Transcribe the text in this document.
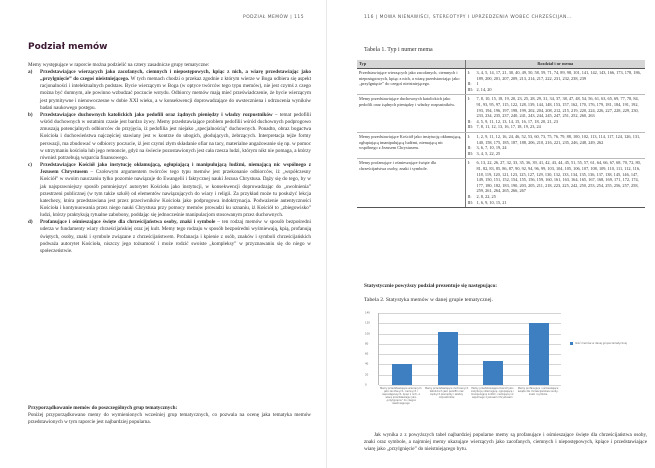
PODZIAŁ MEMÓW | 115
Podział memów
Memy występujące w raporcie można podzielić na cztery zasadnicze grupy tematyczne:
a) Przedstawiające wierzących jako zacofanych, ciemnych i niepostępowych, kpiąc z nich, a wiarę przedstawiając jako „przylgnięcie” do czegoś nieistniejącego. W tych memach chodzi o przekaz zgodnie z którym wierze w Boga odbiera się aspekt racjonalności i intelektualnych podstaw. Bycie wierzącym w Boga (w optyce twórców tego typu memów), nie jest czymś z czego można być dumnym, ale powinno wzbudzać poczucie wstydu. Odbiorcy memów mają mieć przeświadczenie, że bycie wierzącym jest prymitywne i nienowoczesne w dobie XXI wieku, a w konsekwencji doprowadzające do uwsteczniena i odrzucenia wyników badań naukowego postępu.
b) Przedstawiające duchownych katolickich jako pedofili oraz żądnych pieniędzy i władzy rozpustników – temat pedofilii wśród duchownych w ostatnim czasie jest bardzo żywy. Memy przedstawiające problem pedofilii wśród duchownych podprogowo zmuszają potencjalnych odbiorców do przyjęcia, iż pedofilia jest niejako „specjalnością” duchownych. Ponadto, obraz bogactwa Kościoła i duchowieństwa najczęściej stawiany jest w kontrze do ubogich, głodujących, żebrzących. Interpretacja tejże formy perswazji, ma zbudować w odbiorcy poczucie, iż jest czymś złym składanie ofiar na tacy, materialne angażowanie się np. w pomoc w utrzymaniu kościoła lub jego remoncie, gdyż na świecie pozostawionych jest cała rzesza ludzi, którym nikt nie pomaga, a którzy również potrzebują wsparcia finansowego.
c) Przedstawiające Kościół jako instytucję okłamującą, ogłupiającą i manipulującą ludźmi, niemającą nic wspólnego z Jezusem Chrystusem – Czołowym argumentem twórców tego typu memów jest przekonanie odbiorców, iż „współczesny Kościół” w swoim nauczaniu tylko pozornie nawiązuje do Ewangelii i faktycznej nauki Jezusa Chrystusa. Dąży się do tego, by w jak najsprawniejszy sposób pomniejszyć autorytet Kościoła jako instytucji, w konsekwencji doprowadzając do „uwolnienia” przestrzeni publicznej (w tym także szkół) od elementów nawiązujących do wiary i religii. Za przykład może tu posłużyć lekcja katechezy, która przedstawiana jest przez przeciwników Kościoła jako podprogowa indoktrynacja. Podważenie autentyczności Kościoła i kontynuowania przez niego nauki Chrystusa przy pomocy memów prowadzi ku uznaniu, iż Kościół to „zbiegowisko” ludzi, którzy praktykują rytualne zabobony, poddając się jednocześnie manipulacjom stosowanym przez duchownych.
d) Profanujące i ośmieszające święte dla chrześcijaństwa osoby, znaki i symbole – ten rodzaj memów w sposób bezpośredni uderza w fundamenty wiary chrześcijańskiej oraz jej kult. Memy tego rodzaju w sposób bezpośredni wyśmiewają, kpią, profanują świętych, osoby, znaki i symbole związane z chrześcijaństwem. Profanacja i kpienie z osób, znaków i symboli chrześcijańskich podważa autorytet Kościoła, niszczy jego tożsamość i może rodzić swoiste „kompleksy” w przyznawaniu się do niego w społeczeństwie.
Przyporządkowanie memów do poszczególnych grup tematycznych:
Poniżej przyporządkowano memy do wymienionych wcześniej grup tematycznych, co pozwala na ocenę jaka tematyka memów przedstawionych w tym raporcie jest najbardziej popularna.
116 | MOWA NIENAWIŚCI, STEREOTYPY I UPRZEDZENIA WOBEC CHRZEŚCIJAN…
Tabela 1. Typ i numer mema
Typ	Rozdział i nr mema
Przedstawiające wierzących jako zacofanych, ciemnych i niepostępowych, kpiąc z nich, a wiarę przedstawiając jako „przylgnięcie” do czegoś nieistniejącego.	
I:	3, 4, 5, 14, 17, 21, 30, 40, 49, 50, 58, 59, 71, 74, 89, 98, 101, 141, 142, 143, 166, 173, 178, 186, 189, 200, 201, 207, 209, 213, 214, 217, 222, 231, 232, 238, 239
II:	1
III: 2, 14, 20

Memy przedstawiające duchownych katolickich jako pedofili oraz żądnych pieniędzy i władzy rozpustników.	
I:	7, 8, 10, 15, 18, 19, 20, 23, 25, 28, 29, 31, 34, 37, 38, 47, 48, 54, 56, 61, 63, 65, 69, 77, 78, 84, 91, 93, 95, 97, 115, 122, 128, 139, 144, 148, 153, 157, 162, 170, 176, 179, 181, 184, 191, 192, 193, 194, 196, 197, 198, 199, 202, 204, 208, 212, 215, 219, 220, 224, 226, 227, 228, 229, 230, 233, 234, 235, 237, 240, 241, 243, 244, 245, 247, 251, 252, 260, 263
II:	4, 5, 9, 11, 12, 13, 14, 15, 16, 17, 18, 20, 21, 23
III: 7, 8, 11, 12, 13, 16, 17, 18, 19, 23, 24

Memy przedstawiające Kościół jako instytucję okłamującą, ogłupiającą imanipulującą ludźmi, niemającą nic wspólnego z Jezusem Chrystusem.	
I:	1, 2, 9, 11, 12, 16, 24, 46, 52, 53, 60, 73, 75, 76, 79, 88, 100, 102, 113, 114, 117, 124, 126, 131, 140, 158, 175, 185, 187, 188, 206, 210, 216, 221, 235, 246, 248, 249, 262
II:	3, 6, 7, 10, 19, 24
III: 3, 4, 5, 22, 25

Memy profanujące i ośmieszające święte dla chrześcijaństwa osoby, znaki i symbole.	
I:	6, 13, 22, 26, 27, 32, 33, 35, 36, 39, 41, 42, 43, 44, 45, 51, 55, 57, 61, 64, 66, 67, 68, 70, 72, 80, 81, 82, 83, 85, 86, 87, 90, 92, 94, 96, 99, 103, 104, 105, 106, 107, 108, 109, 110, 111, 112, 116, 118, 119, 120, 121, 123, 125, 127, 129, 130, 132, 133, 134, 135, 136, 137, 138, 145, 146, 147, 149, 150, 151, 152, 154, 155, 156, 159, 160, 161, 163, 164, 165, 167, 168, 169, 171, 172, 174, 177, 180, 182, 183, 190, 203, 205, 211, 218, 223, 225, 242, 250, 253, 254, 255, 256, 257, 258, 259, 261, 264, 265, 266, 267
II:	2, 8, 22, 25
III: 1, 6, 9, 10, 15, 21
Statystycznie powyższy podział prezentuje się następująco:
Tabela 2. Statystyka memów w danej grupie tematycznej.
0
20
40
60
80
100
120
140
Memy przedstawiające wierzących jako zacofanych, ciemnych i niepostępowych, kpiąc z nich, a wiarę przedstawiając jako „przylgnięcie” do czegoś nieistniejącego
Memy przedstawiające duchownych katolickich jako pedofili oraz żądnych pieniędzy i władzy rozpustników
Memy przedstawiające Kościół jako instytucję okłamującą, ogłupiającą i manipulującą ludźmi, niemającą nic wspólnego z Jezusem Chrystusem
Memy profanujące i ośmieszające święte dla chrześcijaństwa osoby, znaki i symbole
Ilość memów w danej grupie tematycznej
Jak wynika z z powyższych tabel najbardziej popularne memy są profanujące i ośmieszające święte dla chrześcijaństwa osoby, znaki oraz symbole, a najmniej memy ukazujące wierzących jako zacofanych, ciemnych i niepostępowych, kpiące i przedstawiające wiarę jako „przylgnięcie” do nieistniejącego bytu.
